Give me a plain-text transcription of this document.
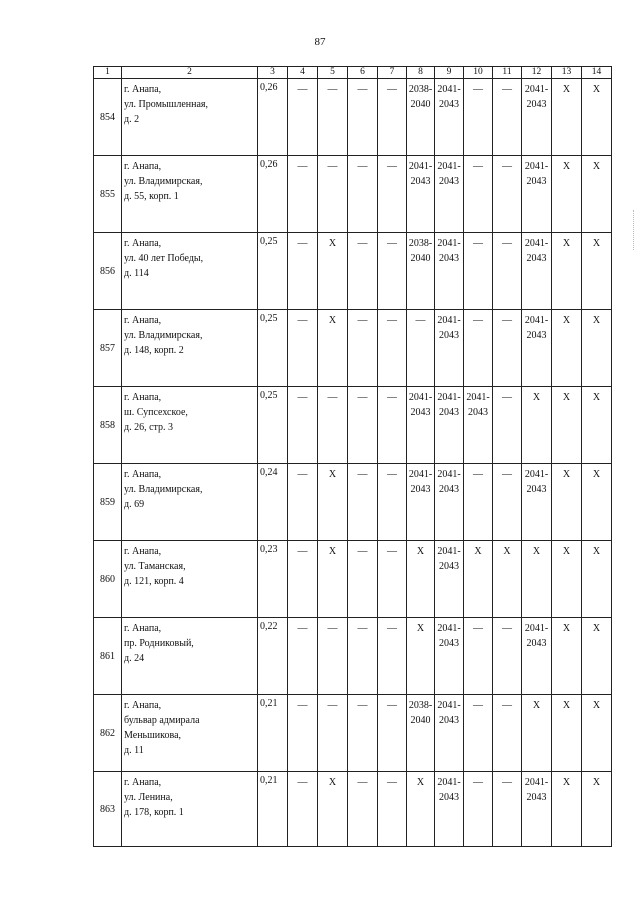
87
1	2	3	4	5	6	7	8	9	10	11	12	13	14
854	г. Анапа,
ул. Промышленная,
д. 2	0,26	—	—	—	—	2038-2040	2041-2043	—	—	2041-2043	Х	Х
855	г. Анапа,
ул. Владимирская,
д. 55, корп. 1	0,26	—	—	—	—	2041-2043	2041-2043	—	—	2041-2043	Х	Х
856	г. Анапа,
ул. 40 лет Победы,
д. 114	0,25	—	Х	—	—	2038-2040	2041-2043	—	—	2041-2043	Х	Х
857	г. Анапа,
ул. Владимирская,
д. 148, корп. 2	0,25	—	Х	—	—	—	2041-2043	—	—	2041-2043	Х	Х
858	г. Анапа,
ш. Супсехское,
д. 26, стр. 3	0,25	—	—	—	—	2041-2043	2041-2043	2041-2043	—	Х	Х	Х
859	г. Анапа,
ул. Владимирская,
д. 69	0,24	—	Х	—	—	2041-2043	2041-2043	—	—	2041-2043	Х	Х
860	г. Анапа,
ул. Таманская,
д. 121, корп. 4	0,23	—	Х	—	—	Х	2041-2043	Х	Х	Х	Х	Х
861	г. Анапа,
пр. Родниковый,
д. 24	0,22	—	—	—	—	Х	2041-2043	—	—	2041-2043	Х	Х
862	г. Анапа,
бульвар адмирала
Меньшикова,
д. 11	0,21	—	—	—	—	2038-2040	2041-2043	—	—	Х	Х	Х
863	г. Анапа,
ул. Ленина,
д. 178, корп. 1	0,21	—	Х	—	—	Х	2041-2043	—	—	2041-2043	Х	Х
